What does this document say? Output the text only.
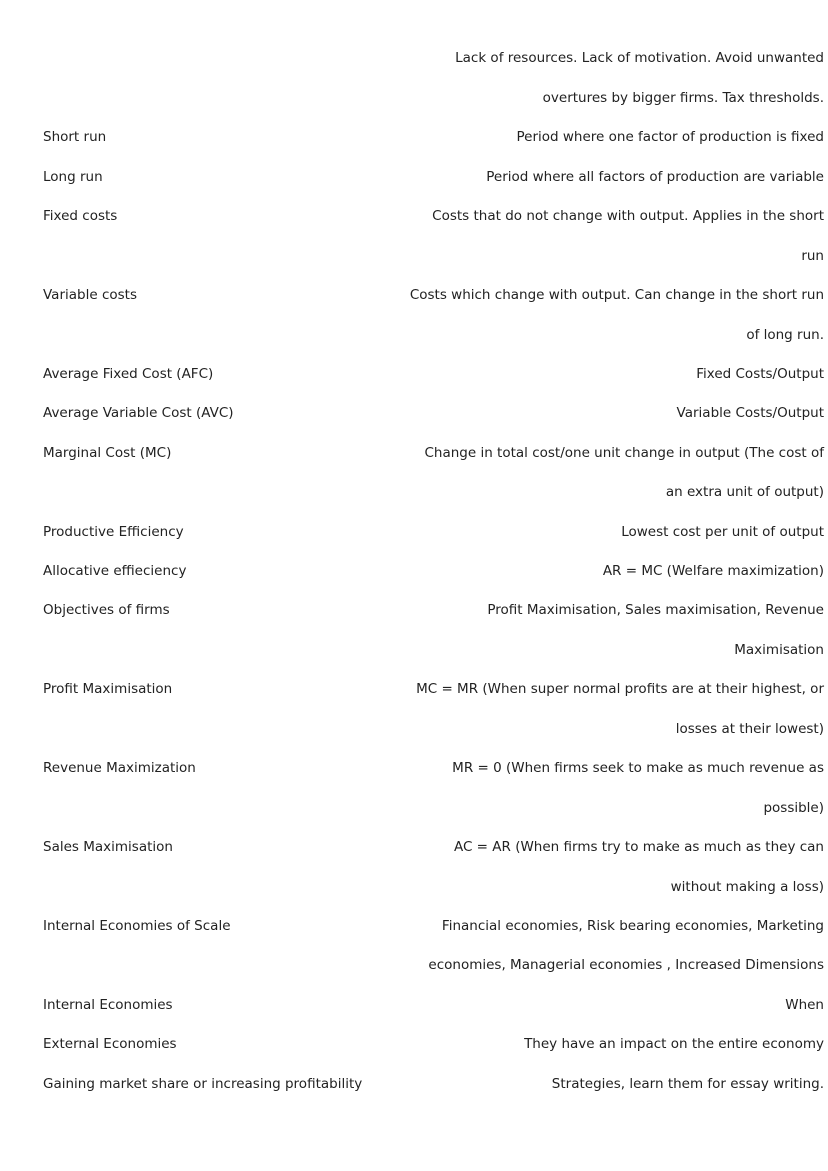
Lack of resources. Lack of motivation. Avoid unwanted
overtures by bigger firms. Tax thresholds.
Short run	Period where one factor of production is fixed
Long run	Period where all factors of production are variable
Fixed costs	Costs that do not change with output. Applies in the short
run
Variable costs	Costs which change with output. Can change in the short run
of long run.
Average Fixed Cost (AFC)	Fixed Costs/Output
Average Variable Cost (AVC)	Variable Costs/Output
Marginal Cost (MC)	Change in total cost/one unit change in output (The cost of
an extra unit of output)
Productive Efficiency	Lowest cost per unit of output
Allocative effieciency	AR = MC (Welfare maximization)
Objectives of firms	Profit Maximisation, Sales maximisation, Revenue
Maximisation
Profit Maximisation	MC = MR (When super normal profits are at their highest, or
losses at their lowest)
Revenue Maximization	MR = 0 (When firms seek to make as much revenue as
possible)
Sales Maximisation	AC = AR (When firms try to make as much as they can
without making a loss)
Internal Economies of Scale	Financial economies, Risk bearing economies, Marketing
economies, Managerial economies , Increased Dimensions
Internal Economies	When
External Economies	They have an impact on the entire economy
Gaining market share or increasing profitability	Strategies, learn them for essay writing.
